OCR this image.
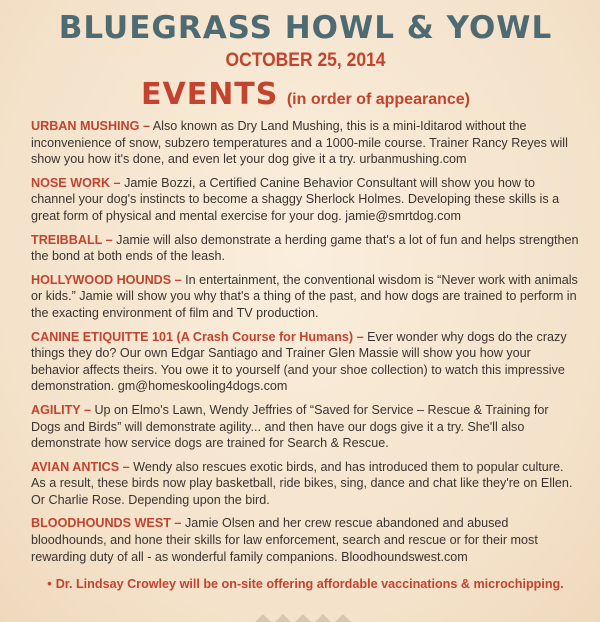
BLUEGRASS HOWL & YOWL
OCTOBER 25, 2014
EVENTS (in order of appearance)

URBAN MUSHING – Also known as Dry Land Mushing, this is a mini-Iditarod without the inconvenience of snow, subzero temperatures and a 1000-mile course. Trainer Rancy Reyes will show you how it's done, and even let your dog give it a try. urbanmushing.com

NOSE WORK – Jamie Bozzi, a Certified Canine Behavior Consultant will show you how to channel your dog's instincts to become a shaggy Sherlock Holmes. Developing these skills is a great form of physical and mental exercise for your dog. jamie@smrtdog.com

TREIBBALL – Jamie will also demonstrate a herding game that's a lot of fun and helps strengthen the bond at both ends of the leash.

HOLLYWOOD HOUNDS – In entertainment, the conventional wisdom is “Never work with animals or kids.” Jamie will show you why that's a thing of the past, and how dogs are trained to perform in the exacting environment of film and TV production.

CANINE ETIQUITTE 101 (A Crash Course for Humans) – Ever wonder why dogs do the crazy things they do? Our own Edgar Santiago and Trainer Glen Massie will show you how your behavior affects theirs. You owe it to yourself (and your shoe collection) to watch this impressive demonstration. gm@homeskooling4dogs.com

AGILITY – Up on Elmo's Lawn, Wendy Jeffries of “Saved for Service – Rescue & Training for Dogs and Birds” will demonstrate agility... and then have our dogs give it a try. She'll also demonstrate how service dogs are trained for Search & Rescue.

AVIAN ANTICS – Wendy also rescues exotic birds, and has introduced them to popular culture. As a result, these birds now play basketball, ride bikes, sing, dance and chat like they're on Ellen. Or Charlie Rose. Depending upon the bird.

BLOODHOUNDS WEST – Jamie Olsen and her crew rescue abandoned and abused bloodhounds, and hone their skills for law enforcement, search and rescue or for their most rewarding duty of all - as wonderful family companions. Bloodhoundswest.com

• Dr. Lindsay Crowley will be on-site offering affordable vaccinations & microchipping.
